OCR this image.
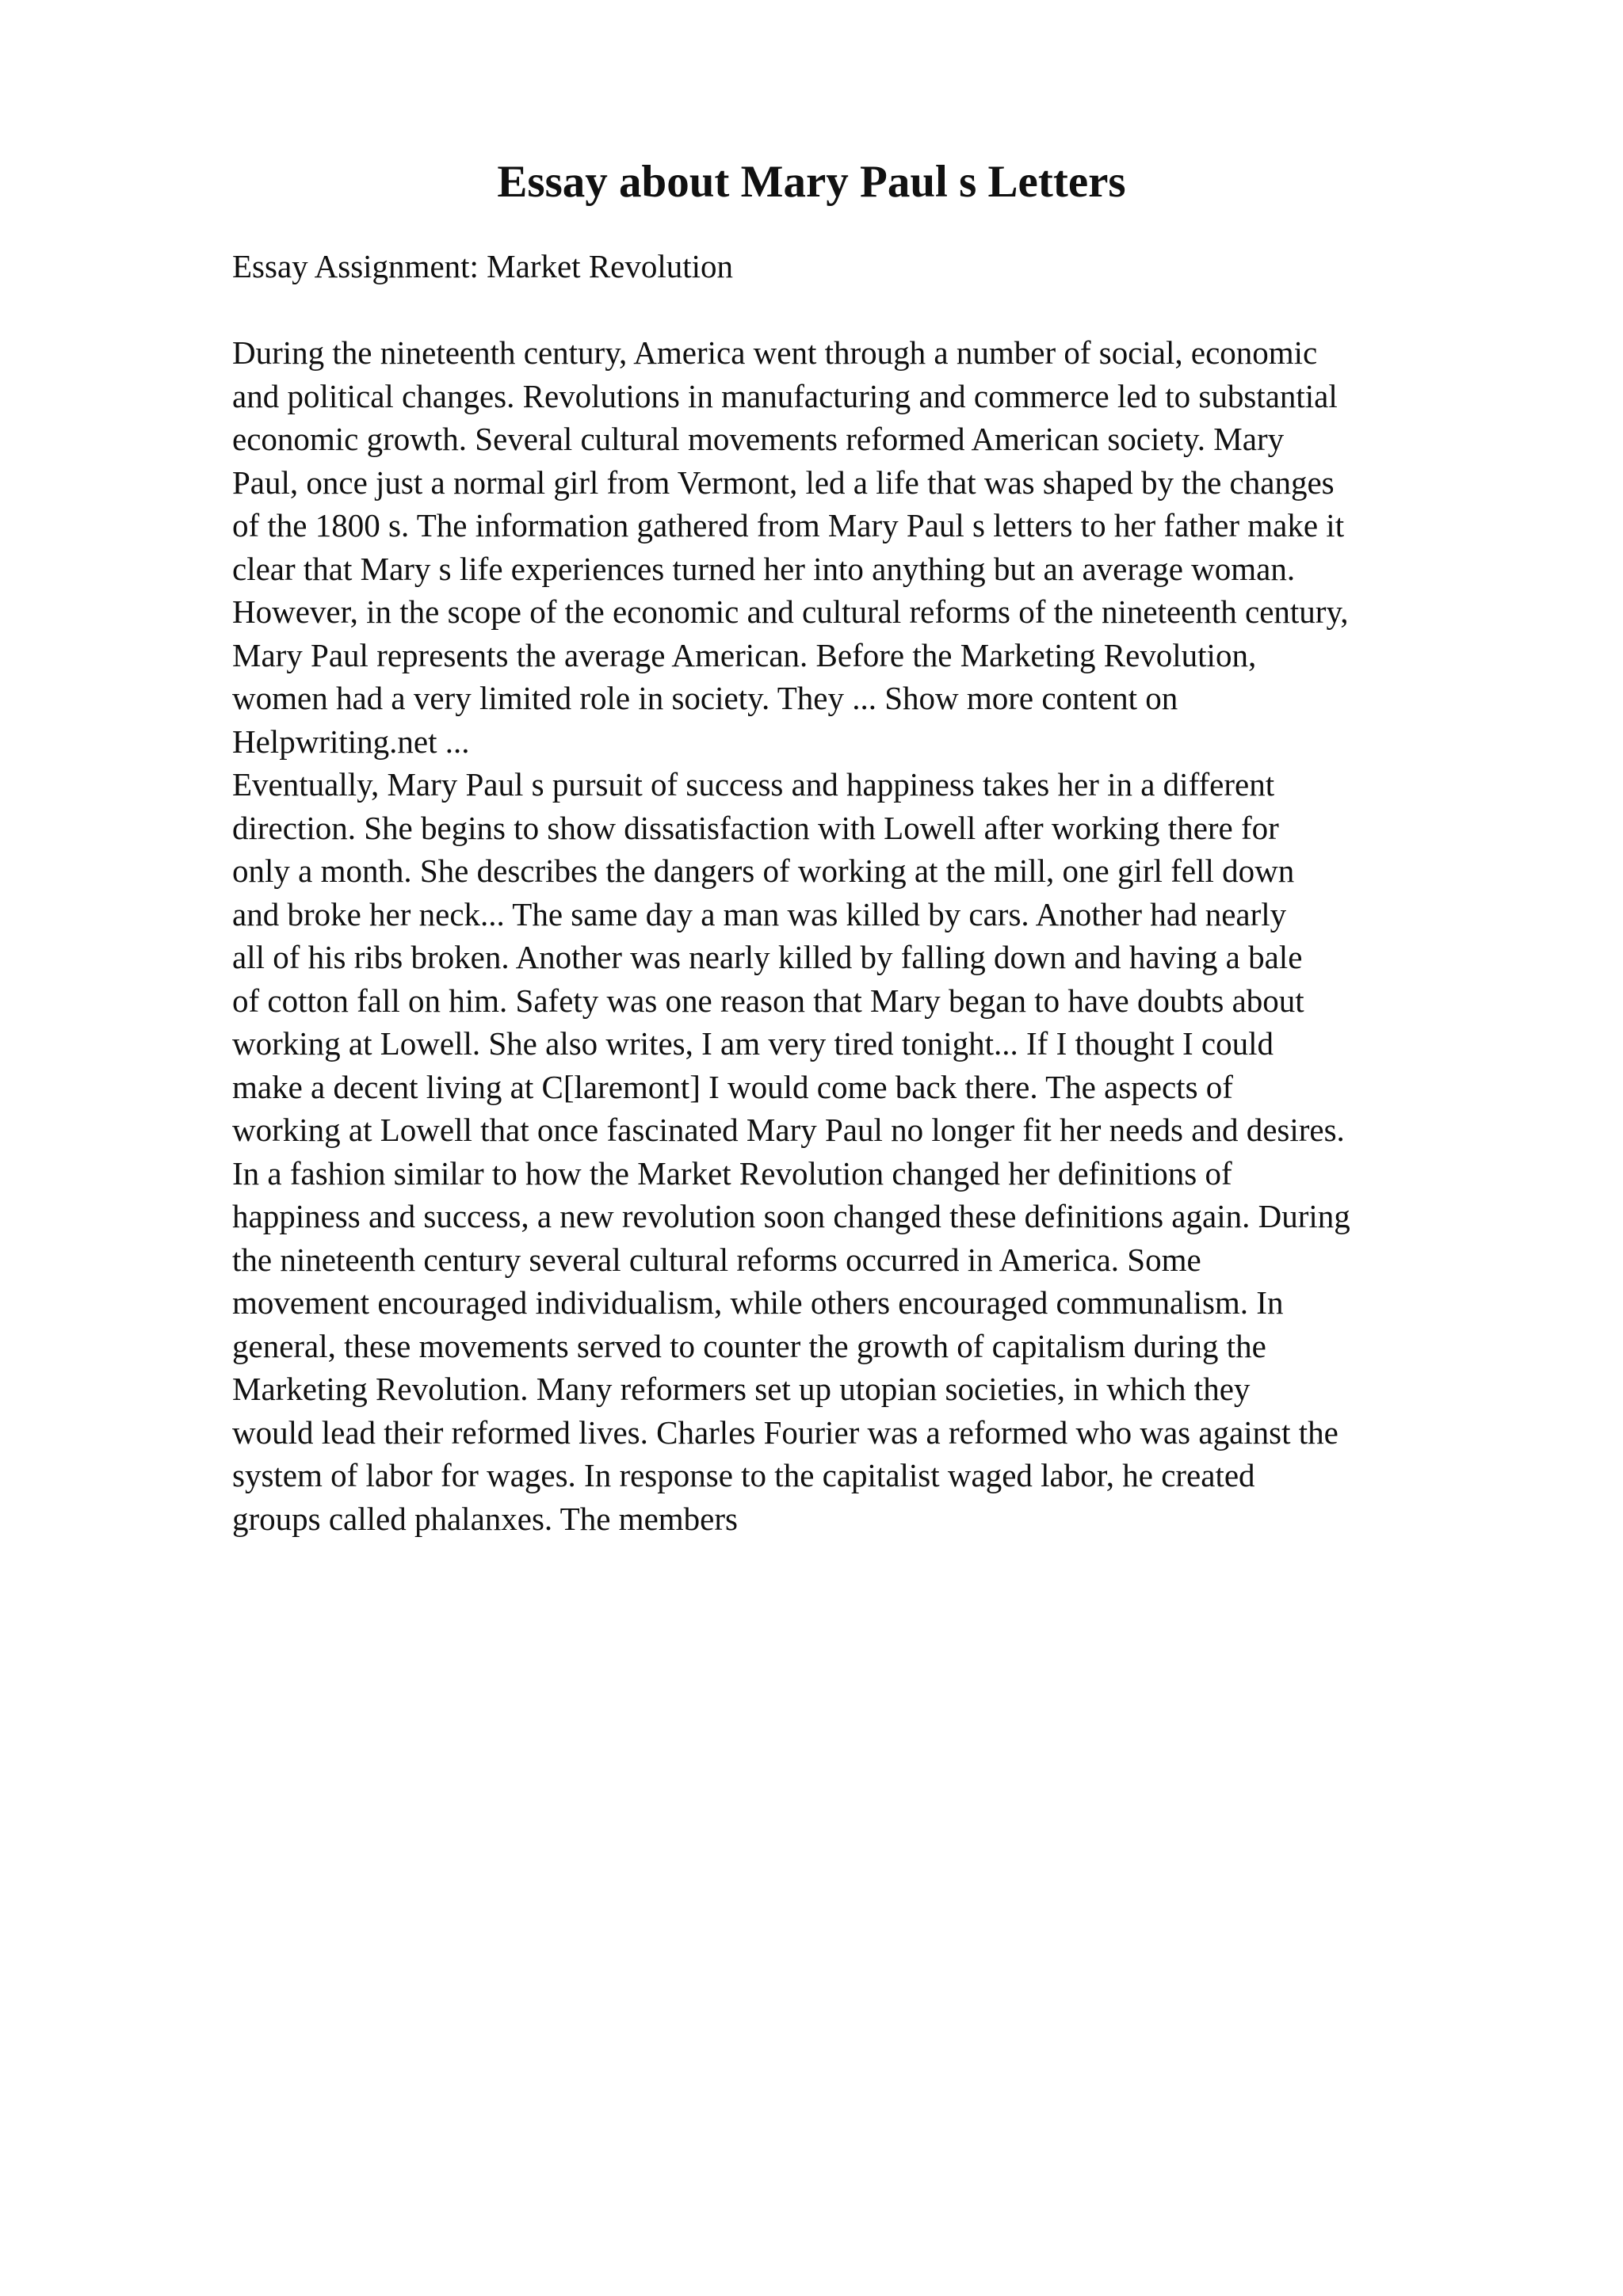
Essay about Mary Paul s Letters

Essay Assignment: Market Revolution

During the nineteenth century, America went through a number of social, economic
and political changes. Revolutions in manufacturing and commerce led to substantial
economic growth. Several cultural movements reformed American society. Mary
Paul, once just a normal girl from Vermont, led a life that was shaped by the changes
of the 1800 s. The information gathered from Mary Paul s letters to her father make it
clear that Mary s life experiences turned her into anything but an average woman.
However, in the scope of the economic and cultural reforms of the nineteenth century,
Mary Paul represents the average American. Before the Marketing Revolution,
women had a very limited role in society. They ... Show more content on
Helpwriting.net ...
Eventually, Mary Paul s pursuit of success and happiness takes her in a different
direction. She begins to show dissatisfaction with Lowell after working there for
only a month. She describes the dangers of working at the mill, one girl fell down
and broke her neck... The same day a man was killed by cars. Another had nearly
all of his ribs broken. Another was nearly killed by falling down and having a bale
of cotton fall on him. Safety was one reason that Mary began to have doubts about
working at Lowell. She also writes, I am very tired tonight... If I thought I could
make a decent living at C[laremont] I would come back there. The aspects of
working at Lowell that once fascinated Mary Paul no longer fit her needs and desires.
In a fashion similar to how the Market Revolution changed her definitions of
happiness and success, a new revolution soon changed these definitions again. During
the nineteenth century several cultural reforms occurred in America. Some
movement encouraged individualism, while others encouraged communalism. In
general, these movements served to counter the growth of capitalism during the
Marketing Revolution. Many reformers set up utopian societies, in which they
would lead their reformed lives. Charles Fourier was a reformed who was against the
system of labor for wages. In response to the capitalist waged labor, he created
groups called phalanxes. The members
